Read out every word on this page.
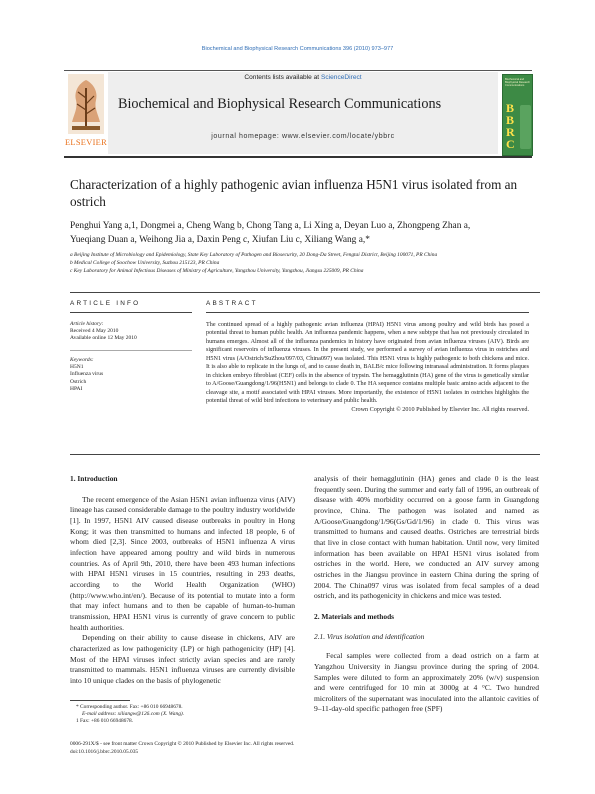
Biochemical and Biophysical Research Communications 396 (2010) 973–977
ELSEVIER
Contents lists available at ScienceDirect
Biochemical and Biophysical Research Communications
journal homepage: www.elsevier.com/locate/ybbrc
Biochemical and Biophysical Research Communications
BBRC
Characterization of a highly pathogenic avian influenza H5N1 virus isolated from an ostrich
Penghui Yang a,1, Dongmei a, Cheng Wang b, Chong Tang a, Li Xing a, Deyan Luo a, Zhongpeng Zhan a,
Yueqiang Duan a, Weihong Jia a, Daxin Peng c, Xiufan Liu c, Xiliang Wang a,*
a Beijing Institute of Microbiology and Epidemiology, State Key Laboratory of Pathogen and Biosecurity, 20 Dong-Da Street, Fengtai District, Beijing 100071, PR China
b Medical College of Soochow University, Suzhou 215123, PR China
c Key Laboratory for Animal Infectious Diseases of Ministry of Agriculture, Yangzhou University, Yangzhou, Jiangsu 225009, PR China
ARTICLE INFO	ABSTRACT
Article history:
Received 4 May 2010
Available online 12 May 2010
Keywords:
H5N1
Influenza virus
Ostrich
HPAI
The continued spread of a highly pathogenic avian influenza (HPAI) H5N1 virus among poultry and wild birds has posed a potential threat to human public health. An influenza pandemic happens, when a new subtype that has not previously circulated in humans emerges. Almost all of the influenza pandemics in history have originated from avian influenza viruses (AIV). Birds are significant reservoirs of influenza viruses. In the present study, we performed a survey of avian influenza virus in ostriches and H5N1 virus (A/Ostrich/SuZhou/097/03, China097) was isolated. This H5N1 virus is highly pathogenic to both chickens and mice. It is also able to replicate in the lungs of, and to cause death in, BALB/c mice following intranasal administration. It forms plaques in chicken embryo fibroblast (CEF) cells in the absence of trypsin. The hemagglutinin (HA) gene of the virus is genetically similar to A/Goose/Guangdong/1/96(H5N1) and belongs to clade 0. The HA sequence contains multiple basic amino acids adjacent to the cleavage site, a motif associated with HPAI viruses. More importantly, the existence of H5N1 isolates in ostriches highlights the potential threat of wild bird infections to veterinary and public health.
Crown Copyright © 2010 Published by Elsevier Inc. All rights reserved.
1. Introduction

The recent emergence of the Asian H5N1 avian influenza virus (AIV) lineage has caused considerable damage to the poultry industry worldwide [1]. In 1997, H5N1 AIV caused disease outbreaks in poultry in Hong Kong; it was then transmitted to humans and infected 18 people, 6 of whom died [2,3]. Since 2003, outbreaks of H5N1 influenza A virus infection have appeared among poultry and wild birds in numerous countries. As of April 9th, 2010, there have been 493 human infections with HPAI H5N1 viruses in 15 countries, resulting in 293 deaths, according to the World Health Organization (WHO) (http://www.who.int/en/). Because of its potential to mutate into a form that may infect humans and to then be capable of human-to-human transmission, HPAI H5N1 virus is currently of grave concern to public health authorities.

Depending on their ability to cause disease in chickens, AIV are characterized as low pathogenicity (LP) or high pathogenicity (HP) [4]. Most of the HPAI viruses infect strictly avian species and are rarely transmitted to mammals. H5N1 influenza viruses are currently divisible into 10 unique clades on the basis of phylogenetic

analysis of their hemagglutinin (HA) genes and clade 0 is the least frequently seen. During the summer and early fall of 1996, an outbreak of disease with 40% morbidity occurred on a goose farm in Guangdong province, China. The pathogen was isolated and named as A/Goose/Guangdong/1/96(Gs/Gd/1/96) in clade 0. This virus was transmitted to humans and caused deaths. Ostriches are terrestrial birds that live in close contact with human habitation. Until now, very limited information has been available on HPAI H5N1 virus isolated from ostriches in the world. Here, we conducted an AIV survey among ostriches in the Jiangsu province in eastern China during the spring of 2004. The China097 virus was isolated from fecal samples of a dead ostrich, and its pathogenicity in chickens and mice was tested.

2. Materials and methods
2.1. Virus isolation and identification

Fecal samples were collected from a dead ostrich on a farm at Yangzhou University in Jiangsu province during the spring of 2004. Samples were diluted to form an approximately 20% (w/v) suspension and were centrifuged for 10 min at 3000g at 4 °C. Two hundred microliters of the supernatant was inoculated into the allantoic cavities of 9–11-day-old specific pathogen free (SPF)

* Corresponding author. Fax: +86 010 66948678.
E-mail address: xiliangw@126.com (X. Wang).
1 Fax: +86 010 66948678.
0006-291X/$ - see front matter Crown Copyright © 2010 Published by Elsevier Inc. All rights reserved.
doi:10.1016/j.bbrc.2010.05.035
